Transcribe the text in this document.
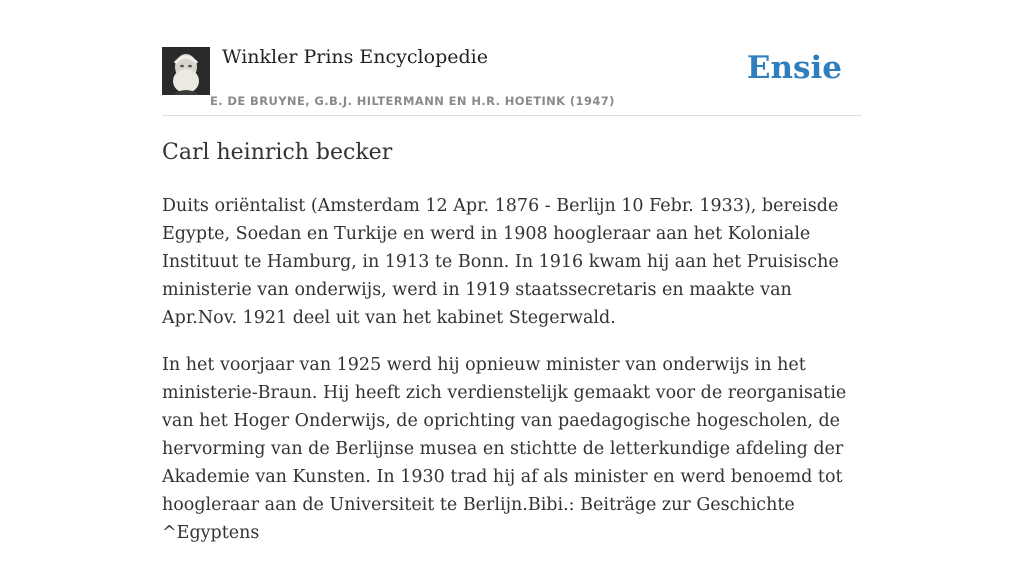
Winkler Prins Encyclopedie
E. DE BRUYNE, G.B.J. HILTERMANN EN H.R. HOETINK (1947)
Ensie
Carl heinrich becker

Duits oriëntalist (Amsterdam 12 Apr. 1876 - Berlijn 10 Febr. 1933), bereisde Egypte, Soedan en Turkije en werd in 1908 hoogleraar aan het Koloniale Instituut te Hamburg, in 1913 te Bonn. In 1916 kwam hij aan het Pruisische ministerie van onderwijs, werd in 1919 staatssecretaris en maakte van Apr.Nov. 1921 deel uit van het kabinet Stegerwald.

In het voorjaar van 1925 werd hij opnieuw minister van onderwijs in het ministerie-Braun. Hij heeft zich verdienstelijk gemaakt voor de reorganisatie van het Hoger Onderwijs, de oprichting van paedagogische hogescholen, de hervorming van de Berlijnse musea en stichtte de letterkundige afdeling der Akademie van Kunsten. In 1930 trad hij af als minister en werd benoemd tot hoogleraar aan de Universiteit te Berlijn.Bibi.: Beiträge zur Geschichte ^Egyptens
